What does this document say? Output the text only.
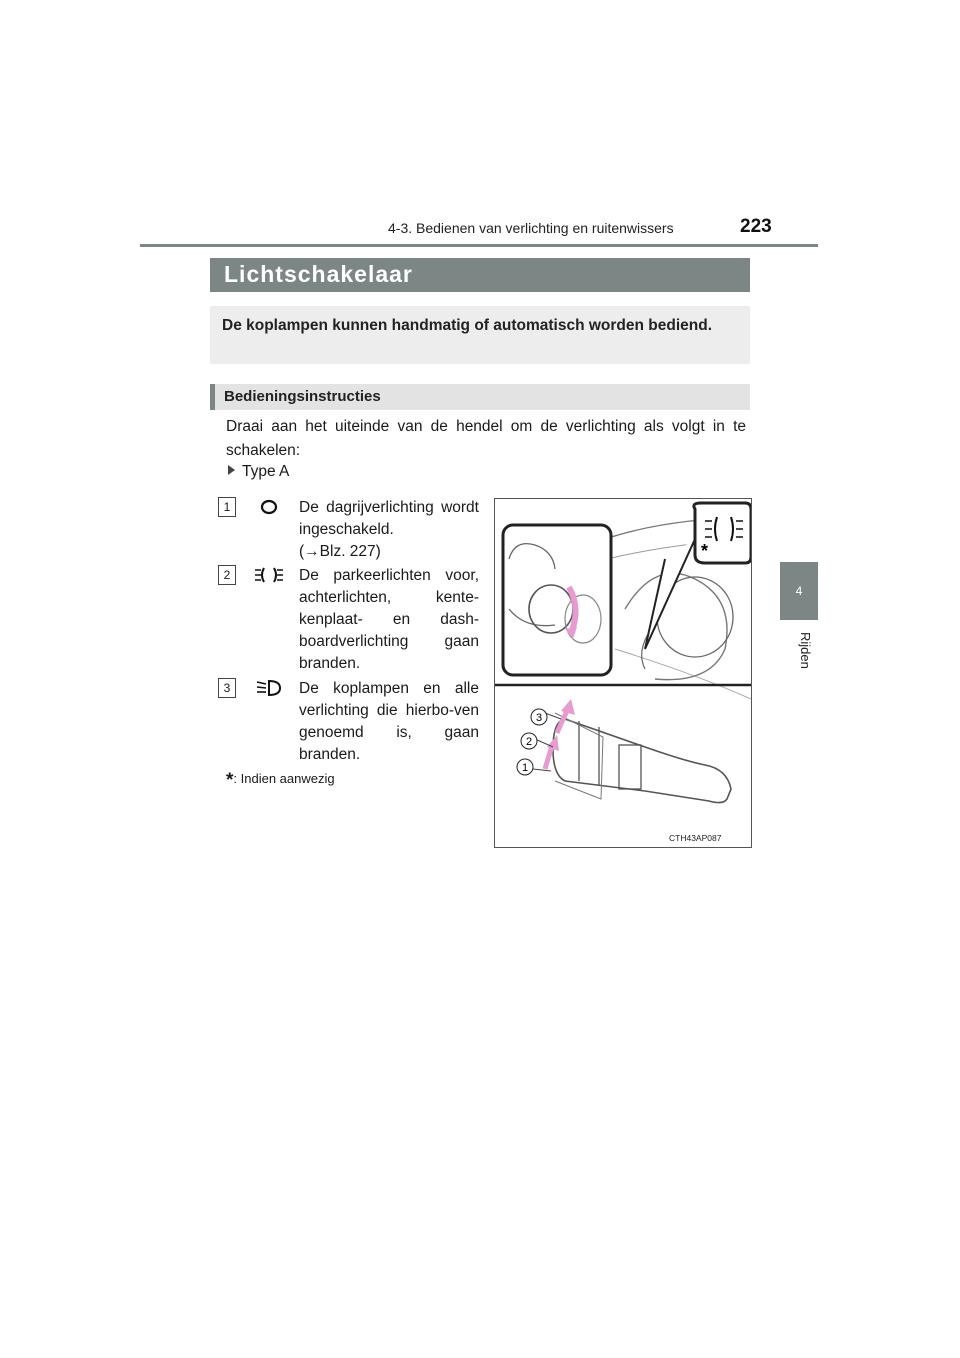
4-3. Bedienen van verlichting en ruitenwissers	223
4
Rijden
Lichtschakelaar

De koplampen kunnen handmatig of automatisch worden bediend.

Bedieningsinstructies

Draai aan het uiteinde van de hendel om de verlichting als volgt in te schakelen:

Type A
1	De dagrijverlichting wordt ingeschakeld.
(→Blz. 227)

2	De parkeerlichten voor, achterlichten, kente-kenplaat- en dash-boardverlichting gaan branden.

3	De koplampen en alle verlichting die hierbo-ven genoemd is, gaan branden.

*: Indien aanwezig
*
3
2
1
CTH43AP087
